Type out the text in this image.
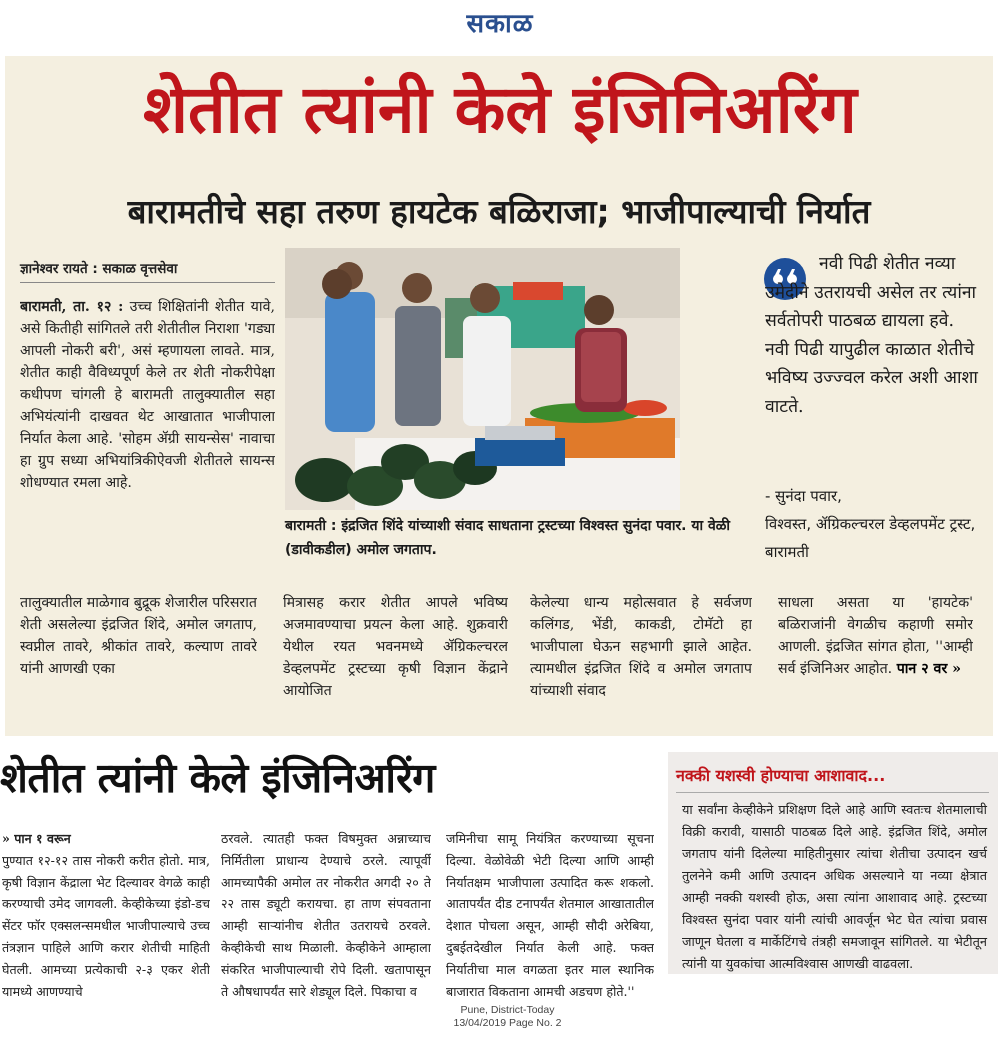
सकाळ
शेतीत त्यांनी केले इंजिनिअरिंग
बारामतीचे सहा तरुण हायटेक बळिराजा; भाजीपाल्याची निर्यात
ज्ञानेश्वर रायते : सकाळ वृत्तसेवा
बारामती, ता. १२ : उच्च शिक्षितांनी शेतीत यावे, असे कितीही सांगितले तरी शेतीतील निराशा 'गड्या आपली नोकरी बरी', असं म्हणायला लावते. मात्र, शेतीत काही वैविध्यपूर्ण केले तर शेती नोकरीपेक्षा कधीपण चांगली हे बारामती तालुक्यातील सहा अभियंत्यांनी दाखवत थेट आखातात भाजीपाला निर्यात केला आहे. 'सोहम ॲग्री सायन्सेस' नावाचा हा ग्रुप सध्या अभियांत्रिकीऐवजी शेतीतले सायन्स शोधण्यात रमला आहे.
बारामती : इंद्रजित शिंदे यांच्याशी संवाद साधताना ट्रस्टच्या विश्‍वस्त सुनंदा पवार. या वेळी (डावीकडील) अमोल जगताप.
नवी पिढी शेतीत नव्या उमेदीने उतरायची असेल तर त्यांना सर्वतोपरी पाठबळ द्यायला हवे. नवी पिढी यापुढील काळात शेतीचे भविष्य उज्ज्वल करेल अशी आशा वाटते.
- सुनंदा पवार,
विश्‍वस्त, ॲग्रिकल्चरल डेव्हलपमेंट ट्रस्ट, बारामती
तालुक्यातील माळेगाव बुद्रूक शेजारील परिसरात शेती असलेल्या इंद्रजित शिंदे, अमोल जगताप, स्वप्नील तावरे, श्रीकांत तावरे, कल्याण तावरे यांनी आणखी एका
मित्रासह करार शेतीत आपले भविष्य अजमावण्याचा प्रयत्न केला आहे. शुक्रवारी येथील रयत भवनमध्ये ॲग्रिकल्चरल डेव्हलपमेंट ट्रस्टच्या कृषी विज्ञान केंद्राने आयोजित
केलेल्या धान्य महोत्सवात हे सर्वजण कलिंगड, भेंडी, काकडी, टोमॅटो हा भाजीपाला घेऊन सहभागी झाले आहेत. त्यामधील इंद्रजित शिंदे व अमोल जगताप यांच्याशी संवाद
साधला असता या 'हायटेक' बळिराजांनी वेगळीच कहाणी समोर आणली. इंद्रजित सांगत होता, ''आम्ही सर्व इंजिनिअर आहोत. पान २ वर »
शेतीत त्यांनी केले इंजिनिअरिंग
» पान १ वरून
पुण्यात १२-१२ तास नोकरी करीत होतो. मात्र, कृषी विज्ञान केंद्राला भेट दिल्यावर वेगळे काही करण्याची उमेद जागवली. केव्हीकेच्या इंडो-डच सेंटर फॉर एक्सलन्समधील भाजीपाल्याचे उच्च तंत्रज्ञान पाहिले आणि करार शेतीची माहिती घेतली. आमच्या प्रत्येकाची २-३ एकर शेती यामध्ये आणण्याचे
ठरवले. त्यातही फक्त विषमुक्त अन्नाच्याच निर्मितीला प्राधान्य देण्याचे ठरले. त्यापूर्वी आमच्यापैकी अमोल तर नोकरीत अगदी २० ते २२ तास ड्यूटी करायचा. हा ताण संपवताना आम्ही साऱ्यांनीच शेतीत उतरायचे ठरवले. केव्हीकेची साथ मिळाली. केव्हीकेने आम्हाला संकरित भाजीपाल्याची रोपे दिली. खतापासून ते औषधापर्यंत सारे शेड्यूल दिले. पिकाचा व
जमिनीचा सामू नियंत्रित करण्याच्या सूचना दिल्या. वेळोवेळी भेटी दिल्या आणि आम्ही निर्यातक्षम भाजीपाला उत्पादित करू शकलो. आतापर्यंत दीड टनापर्यंत शेतमाल आखातातील देशात पोचला असून, आम्ही सौदी अरेबिया, दुबईतदेखील निर्यात केली आहे. फक्त निर्यातीचा माल वगळता इतर माल स्थानिक बाजारात विकताना आमची अडचण होते.''
नक्की यशस्वी होण्याचा आशावाद...
या सर्वांना केव्हीकेने प्रशिक्षण दिले आहे आणि स्वतःच शेतमालाची विक्री करावी, यासाठी पाठबळ दिले आहे. इंद्रजित शिंदे, अमोल जगताप यांनी दिलेल्या माहितीनुसार त्यांचा शेतीचा उत्पादन खर्च तुलनेने कमी आणि उत्पादन अधिक असल्याने या नव्या क्षेत्रात आम्ही नक्की यशस्वी होऊ, असा त्यांना आशावाद आहे. ट्रस्टच्या विश्‍वस्त सुनंदा पवार यांनी त्यांची आवर्जून भेट घेत त्यांचा प्रवास जाणून घेतला व मार्केटिंगचे तंत्रही समजावून सांगितले. या भेटीतून त्यांनी या युवकांचा आत्मविश्‍वास आणखी वाढवला.
Pune, District-Today
13/04/2019 Page No. 2
